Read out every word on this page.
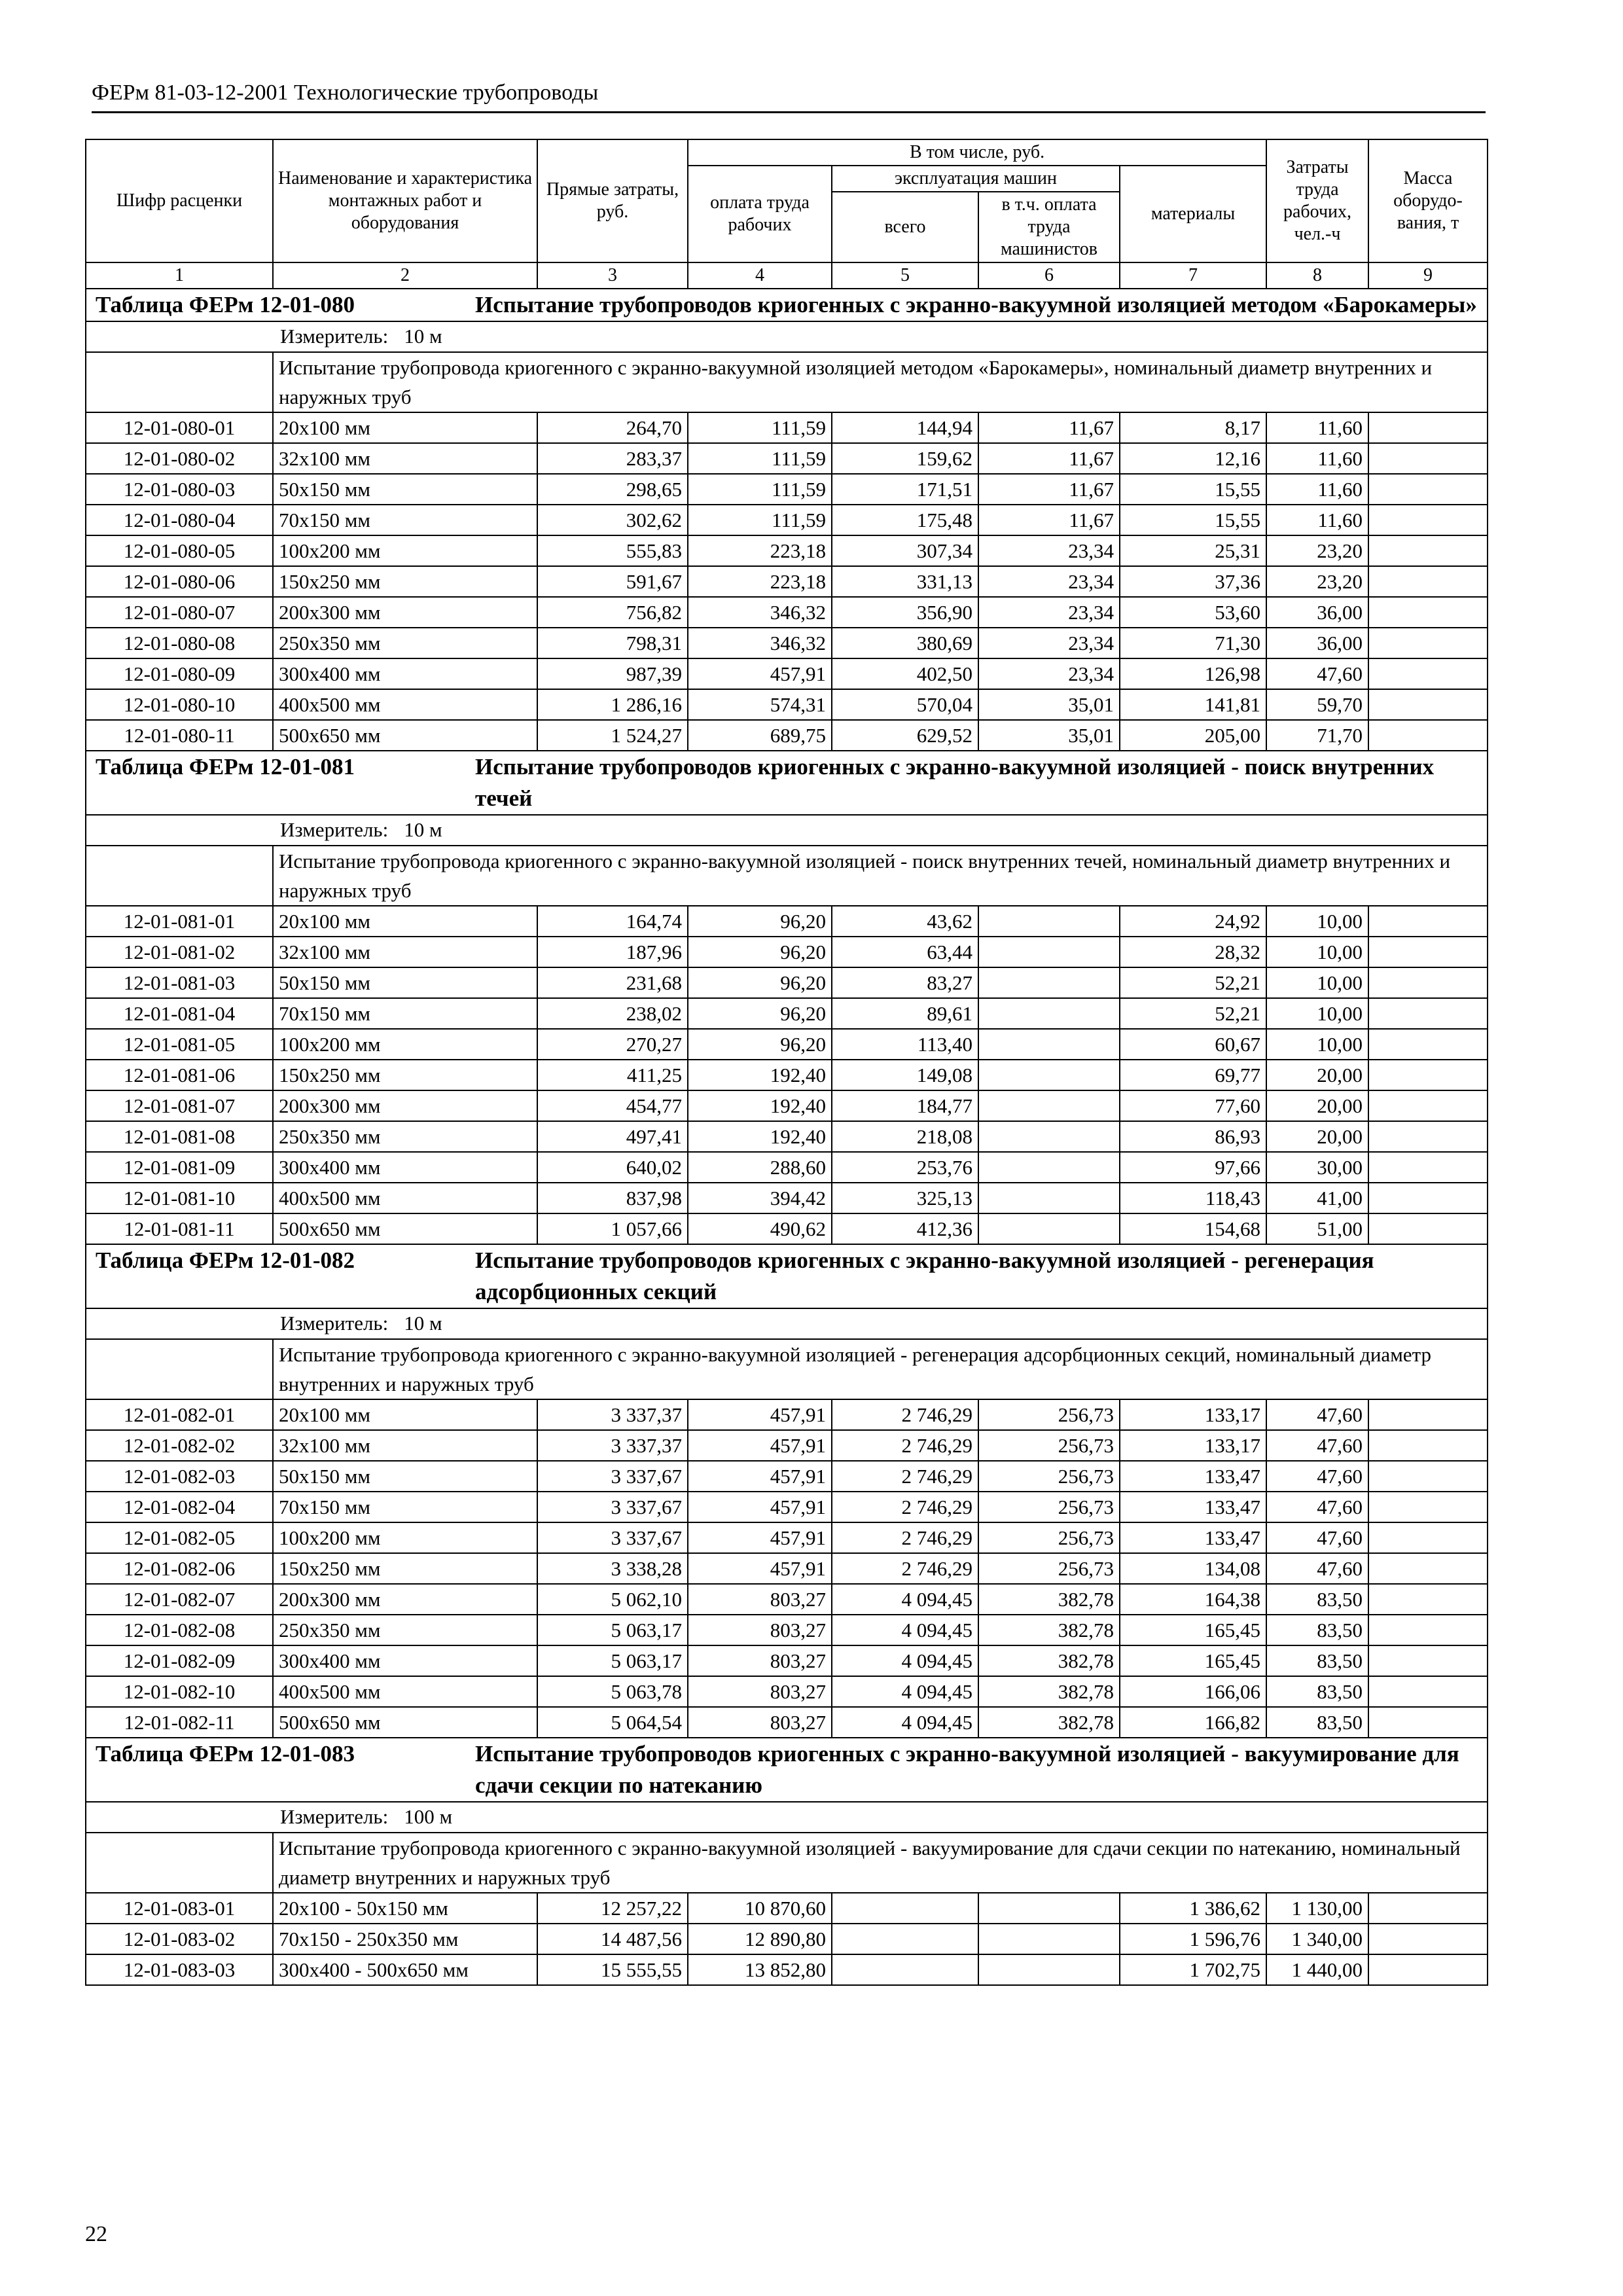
ФЕРм 81-03-12-2001 Технологические трубопроводы
Шифр расценки	Наименование и характеристика монтажных работ и оборудования	Прямые затраты, руб.	В том числе, руб.				Затраты труда рабочих, чел.-ч	Масса оборудо-вания, т
			оплата труда рабочих	эксплуатация машин		материалы		
				всего	в т.ч. оплата труда машинистов			
1	2	3	4	5	6	7	8	9

Таблица ФЕРм 12-01-080 Испытание трубопроводов криогенных с экранно-вакуумной изоляцией методом «Барокамеры»								

Измеритель: 10 м								

	Испытание трубопровода криогенного с экранно-вакуумной изоляцией методом «Барокамеры», номинальный диаметр внутренних и наружных труб							
12-01-080-01	20х100 мм	264,70	111,59	144,94	11,67	8,17	11,60	
12-01-080-02	32х100 мм	283,37	111,59	159,62	11,67	12,16	11,60	
12-01-080-03	50х150 мм	298,65	111,59	171,51	11,67	15,55	11,60	
12-01-080-04	70х150 мм	302,62	111,59	175,48	11,67	15,55	11,60	
12-01-080-05	100х200 мм	555,83	223,18	307,34	23,34	25,31	23,20	
12-01-080-06	150х250 мм	591,67	223,18	331,13	23,34	37,36	23,20	
12-01-080-07	200х300 мм	756,82	346,32	356,90	23,34	53,60	36,00	
12-01-080-08	250х350 мм	798,31	346,32	380,69	23,34	71,30	36,00	
12-01-080-09	300х400 мм	987,39	457,91	402,50	23,34	126,98	47,60	
12-01-080-10	400х500 мм	1 286,16	574,31	570,04	35,01	141,81	59,70	
12-01-080-11	500х650 мм	1 524,27	689,75	629,52	35,01	205,00	71,70	

Таблица ФЕРм 12-01-081 Испытание трубопроводов криогенных с экранно-вакуумной изоляцией - поиск внутренних течей								

Измеритель: 10 м								

	Испытание трубопровода криогенного с экранно-вакуумной изоляцией - поиск внутренних течей, номинальный диаметр внутренних и наружных труб							
12-01-081-01	20х100 мм	164,74	96,20	43,62		24,92	10,00	
12-01-081-02	32х100 мм	187,96	96,20	63,44		28,32	10,00	
12-01-081-03	50х150 мм	231,68	96,20	83,27		52,21	10,00	
12-01-081-04	70х150 мм	238,02	96,20	89,61		52,21	10,00	
12-01-081-05	100х200 мм	270,27	96,20	113,40		60,67	10,00	
12-01-081-06	150х250 мм	411,25	192,40	149,08		69,77	20,00	
12-01-081-07	200х300 мм	454,77	192,40	184,77		77,60	20,00	
12-01-081-08	250х350 мм	497,41	192,40	218,08		86,93	20,00	
12-01-081-09	300х400 мм	640,02	288,60	253,76		97,66	30,00	
12-01-081-10	400х500 мм	837,98	394,42	325,13		118,43	41,00	
12-01-081-11	500х650 мм	1 057,66	490,62	412,36		154,68	51,00	

Таблица ФЕРм 12-01-082 Испытание трубопроводов криогенных с экранно-вакуумной изоляцией - регенерация адсорбционных секций								

Измеритель: 10 м								

	Испытание трубопровода криогенного с экранно-вакуумной изоляцией - регенерация адсорбционных секций, номинальный диаметр внутренних и наружных труб							
12-01-082-01	20х100 мм	3 337,37	457,91	2 746,29	256,73	133,17	47,60	
12-01-082-02	32х100 мм	3 337,37	457,91	2 746,29	256,73	133,17	47,60	
12-01-082-03	50х150 мм	3 337,67	457,91	2 746,29	256,73	133,47	47,60	
12-01-082-04	70х150 мм	3 337,67	457,91	2 746,29	256,73	133,47	47,60	
12-01-082-05	100х200 мм	3 337,67	457,91	2 746,29	256,73	133,47	47,60	
12-01-082-06	150х250 мм	3 338,28	457,91	2 746,29	256,73	134,08	47,60	
12-01-082-07	200х300 мм	5 062,10	803,27	4 094,45	382,78	164,38	83,50	
12-01-082-08	250х350 мм	5 063,17	803,27	4 094,45	382,78	165,45	83,50	
12-01-082-09	300х400 мм	5 063,17	803,27	4 094,45	382,78	165,45	83,50	
12-01-082-10	400х500 мм	5 063,78	803,27	4 094,45	382,78	166,06	83,50	
12-01-082-11	500х650 мм	5 064,54	803,27	4 094,45	382,78	166,82	83,50	

Таблица ФЕРм 12-01-083 Испытание трубопроводов криогенных с экранно-вакуумной изоляцией - вакуумирование для сдачи секции по натеканию								

Измеритель: 100 м								

	Испытание трубопровода криогенного с экранно-вакуумной изоляцией - вакуумирование для сдачи секции по натеканию, номинальный диаметр внутренних и наружных труб							
12-01-083-01	20х100 - 50х150 мм	12 257,22	10 870,60			1 386,62	1 130,00	
12-01-083-02	70х150 - 250х350 мм	14 487,56	12 890,80			1 596,76	1 340,00	
12-01-083-03	300х400 - 500х650 мм	15 555,55	13 852,80			1 702,75	1 440,00	
22
